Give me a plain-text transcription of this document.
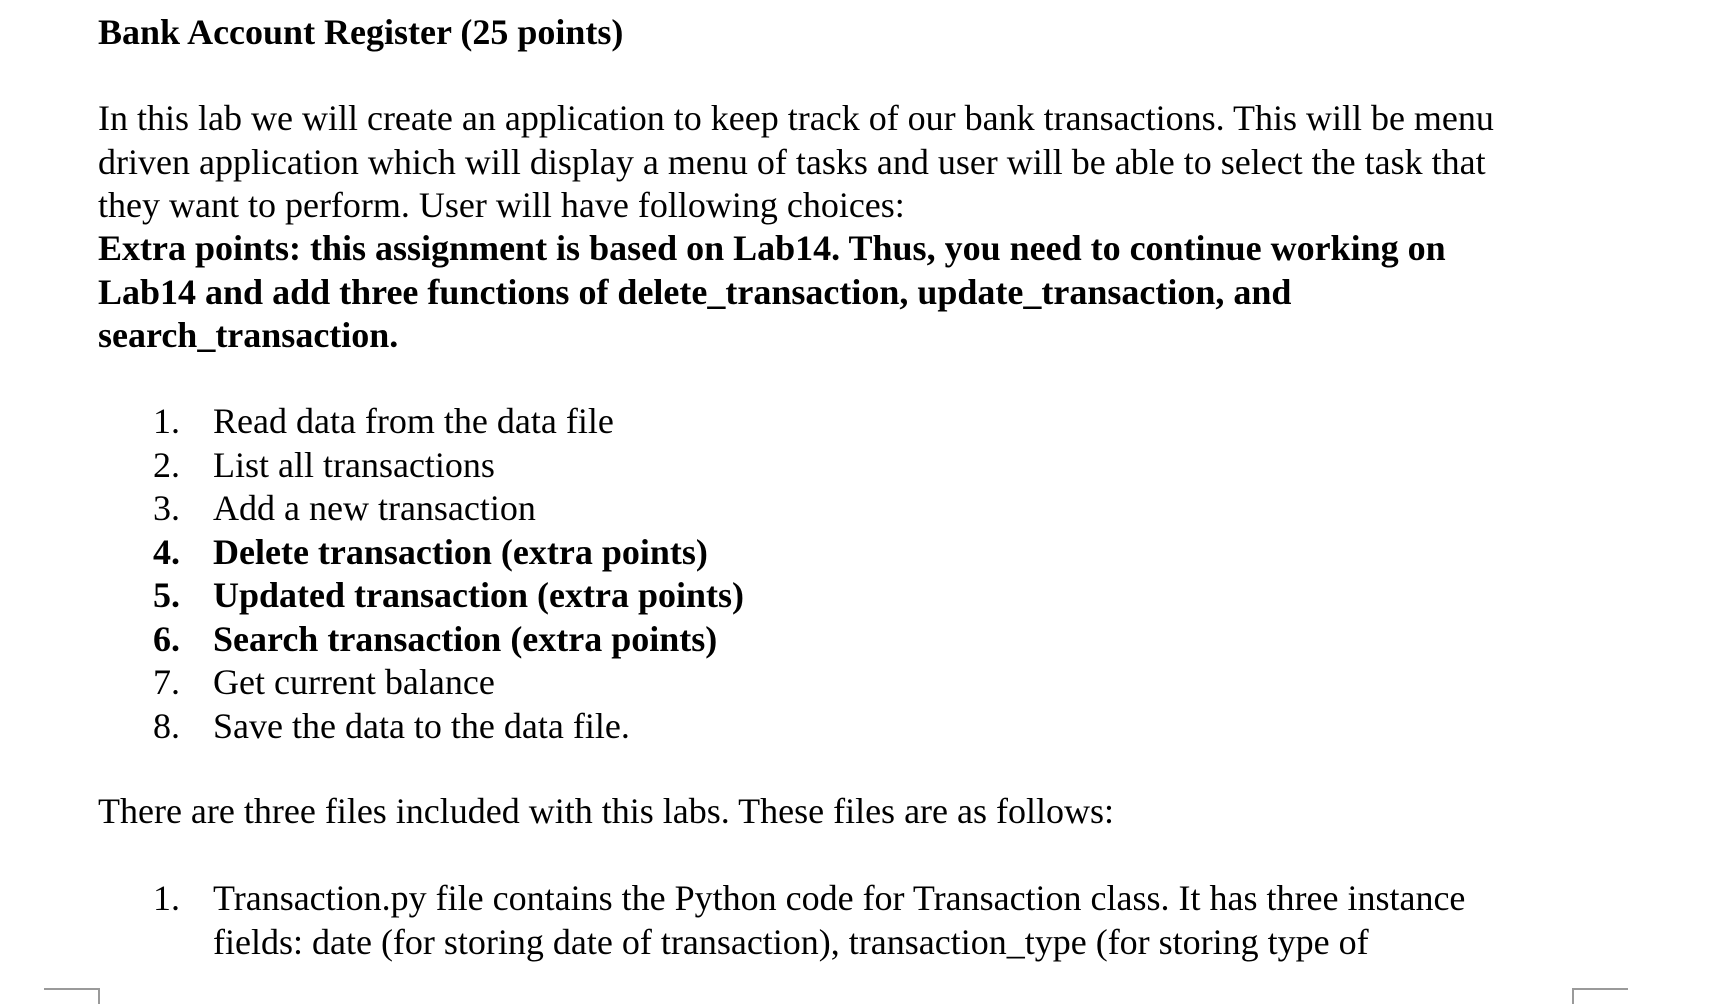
Bank Account Register (25 points)
In this lab we will create an application to keep track of our bank transactions. This will be menu
driven application which will display a menu of tasks and user will be able to select the task that
they want to perform. User will have following choices:
Extra points: this assignment is based on Lab14. Thus, you need to continue working on
Lab14 and add three functions of delete_transaction, update_transaction, and
search_transaction.
1. Read data from the data file
2. List all transactions
3. Add a new transaction
4. Delete transaction (extra points)
5. Updated transaction (extra points)
6. Search transaction (extra points)
7. Get current balance
8. Save the data to the data file.
There are three files included with this labs. These files are as follows:
1. Transaction.py file contains the Python code for Transaction class. It has three instance
fields: date (for storing date of transaction), transaction_type (for storing type of
